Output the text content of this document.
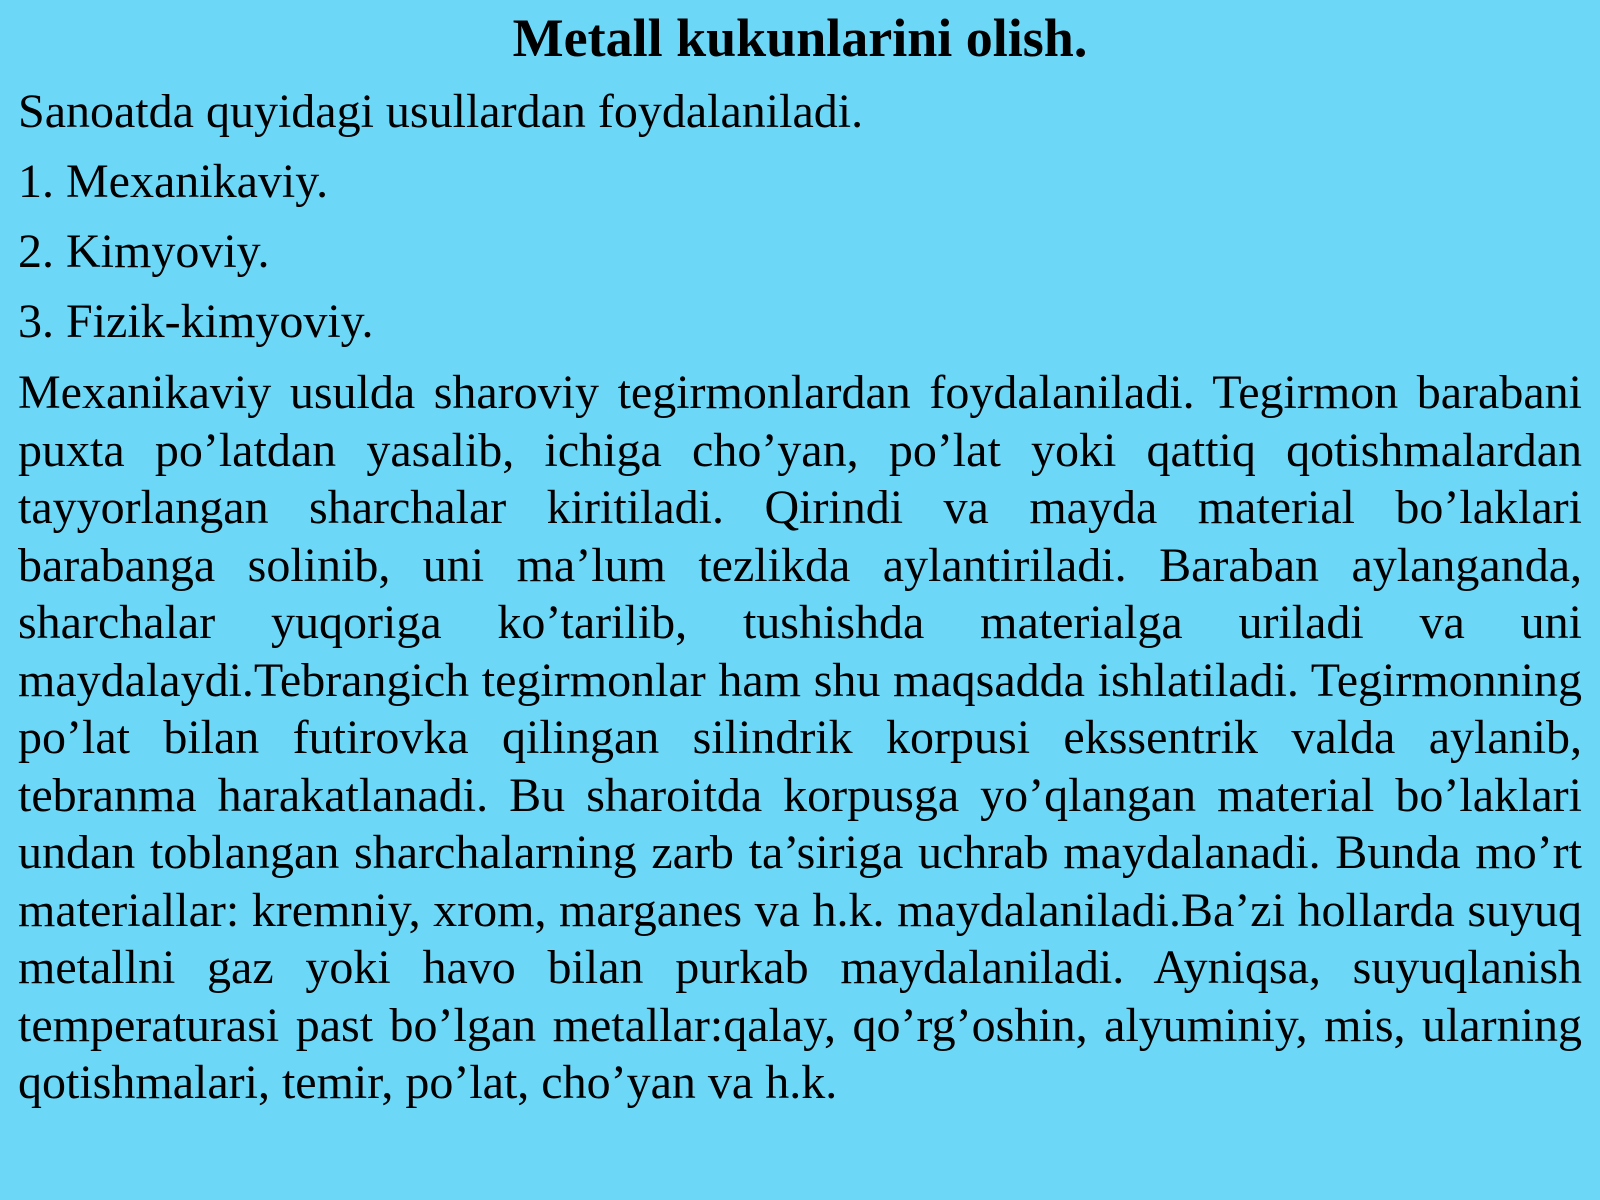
Metall kukunlarini olish.

Sanoatda quyidagi usullardan foydalaniladi.

1. Mexanikaviy.
2. Kimyoviy.
3. Fizik-kimyoviy.

Mexanikaviy usulda sharoviy tegirmonlardan foydalaniladi. Tegirmon barabani puxta po’latdan yasalib, ichiga cho’yan, po’lat yoki qattiq qotishmalardan tayyorlangan sharchalar kiritiladi. Qirindi va mayda material bo’laklari barabanga solinib, uni ma’lum tezlikda aylantiriladi. Baraban aylanganda, sharchalar yuqoriga ko’tarilib, tushishda materialga uriladi va uni maydalaydi.Tebrangich tegirmonlar ham shu maqsadda ishlatiladi. Tegirmonning po’lat bilan futirovka qilingan silindrik korpusi ekssentrik valda aylanib, tebranma harakatlanadi. Bu sharoitda korpusga yo’qlangan material bo’laklari undan toblangan sharchalarning zarb ta’siriga uchrab maydalanadi. Bunda mo’rt materiallar: kremniy, xrom, marganes va h.k. maydalaniladi.Ba’zi hollarda suyuq metallni gaz yoki havo bilan purkab maydalaniladi. Ayniqsa, suyuqlanish temperaturasi past bo’lgan metallar:qalay, qo’rg’oshin, alyuminiy, mis, ularning qotishmalari, temir, po’lat, cho’yan va h.k.
